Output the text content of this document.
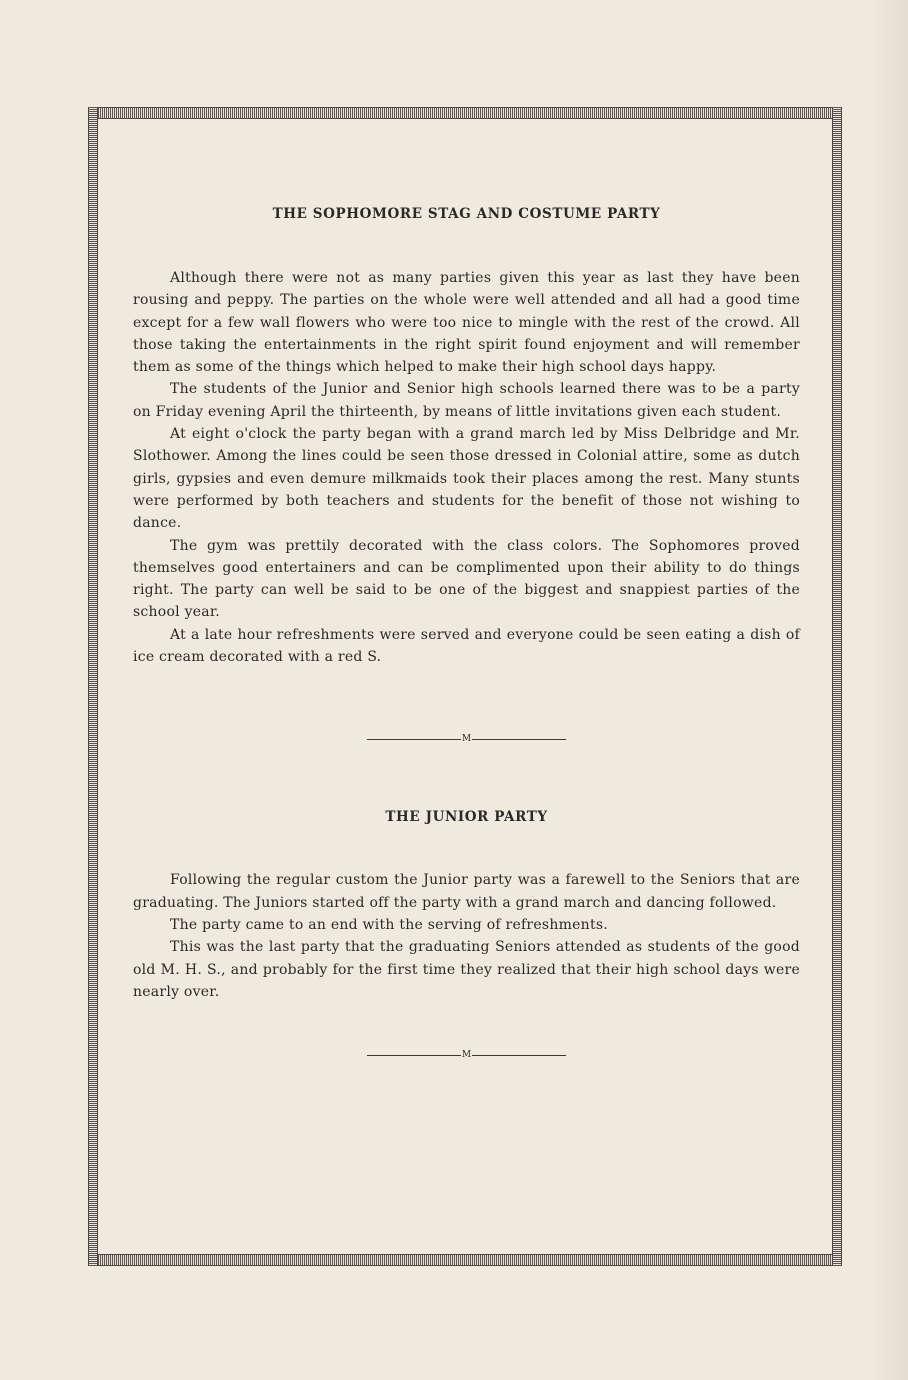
THE SOPHOMORE STAG AND COSTUME PARTY

Although there were not as many parties given this year as last they have been rousing and peppy. The parties on the whole were well attended and all had a good time except for a few wall flowers who were too nice to mingle with the rest of the crowd. All those taking the entertainments in the right spirit found enjoyment and will remember them as some of the things which helped to make their high school days happy.

The students of the Junior and Senior high schools learned there was to be a party on Friday evening April the thirteenth, by means of little invitations given each student.

At eight o'clock the party began with a grand march led by Miss Delbridge and Mr. Slothower. Among the lines could be seen those dressed in Colonial attire, some as dutch girls, gypsies and even demure milkmaids took their places among the rest. Many stunts were performed by both teachers and students for the benefit of those not wishing to dance.

The gym was prettily decorated with the class colors. The Sophomores proved themselves good entertainers and can be complimented upon their ability to do things right. The party can well be said to be one of the biggest and snappiest parties of the school year.

At a late hour refreshments were served and everyone could be seen eating a dish of ice cream decorated with a red S.

M
THE JUNIOR PARTY

Following the regular custom the Junior party was a farewell to the Seniors that are graduating. The Juniors started off the party with a grand march and dancing followed.

The party came to an end with the serving of refreshments.

This was the last party that the graduating Seniors attended as students of the good old M. H. S., and probably for the first time they realized that their high school days were nearly over.

M
